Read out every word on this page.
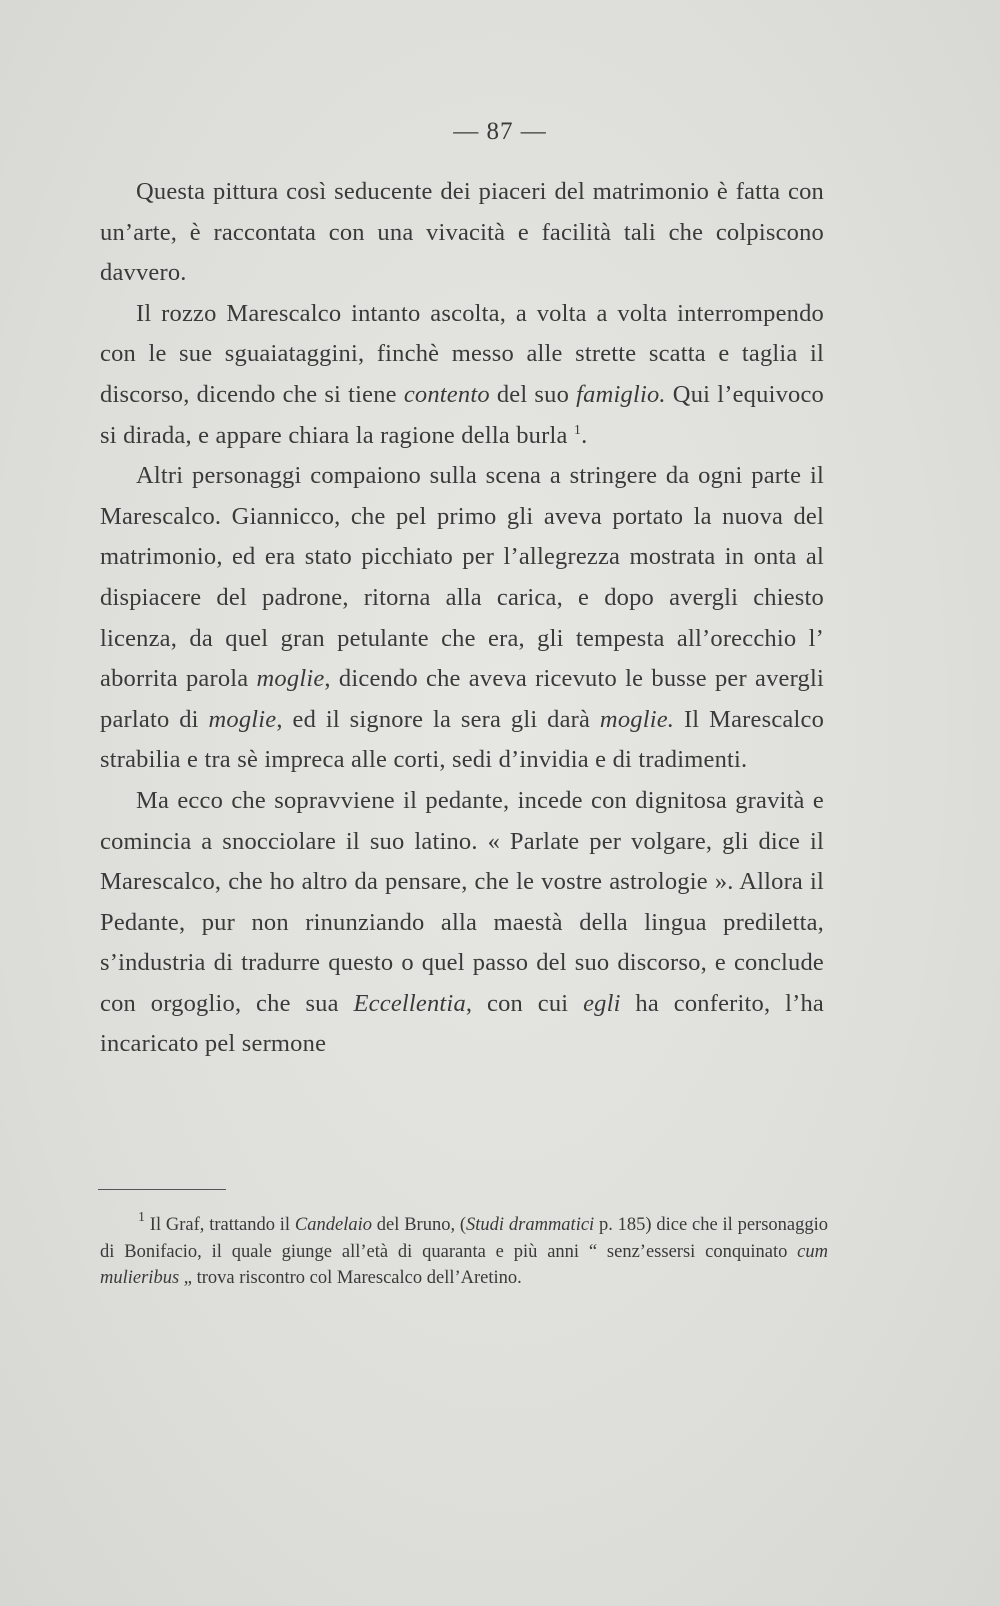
— 87 —

Questa pittura così seducente dei piaceri del matrimonio è fatta con un’arte, è raccontata con una vivacità e facilità tali che colpiscono davvero.

Il rozzo Marescalco intanto ascolta, a volta a volta interrompendo con le sue sguaiataggini, finchè messo alle strette scatta e taglia il discorso, dicendo che si tiene contento del suo famiglio. Qui l’equivoco si dirada, e appare chiara la ragione della burla $^1$.

Altri personaggi compaiono sulla scena a stringere da ogni parte il Marescalco. Giannicco, che pel primo gli aveva portato la nuova del matrimonio, ed era stato picchiato per l’allegrezza mostrata in onta al dispiacere del padrone, ritorna alla carica, e dopo avergli chiesto licenza, da quel gran petulante che era, gli tempesta all’orecchio l’ aborrita parola moglie, dicendo che aveva ricevuto le busse per avergli parlato di moglie, ed il signore la sera gli darà moglie. Il Marescalco strabilia e tra sè impreca alle corti, sedi d’invidia e di tradimenti.

Ma ecco che sopravviene il pedante, incede con dignitosa gravità e comincia a snocciolare il suo latino. « Parlate per volgare, gli dice il Marescalco, che ho altro da pensare, che le vostre astrologie ». Allora il Pedante, pur non rinunziando alla maestà della lingua prediletta, s’industria di tradurre questo o quel passo del suo discorso, e conclude con orgoglio, che sua Eccellentia, con cui egli ha conferito, l’ha incaricato pel sermone

$^1$ Il Graf, trattando il Candelaio del Bruno, (Studi drammatici p. 185) dice che il personaggio di Bonifacio, il quale giunge all’età di quaranta e più anni “ senz’essersi conquinato cum mulieribus „ trova riscontro col Marescalco dell’Aretino.
